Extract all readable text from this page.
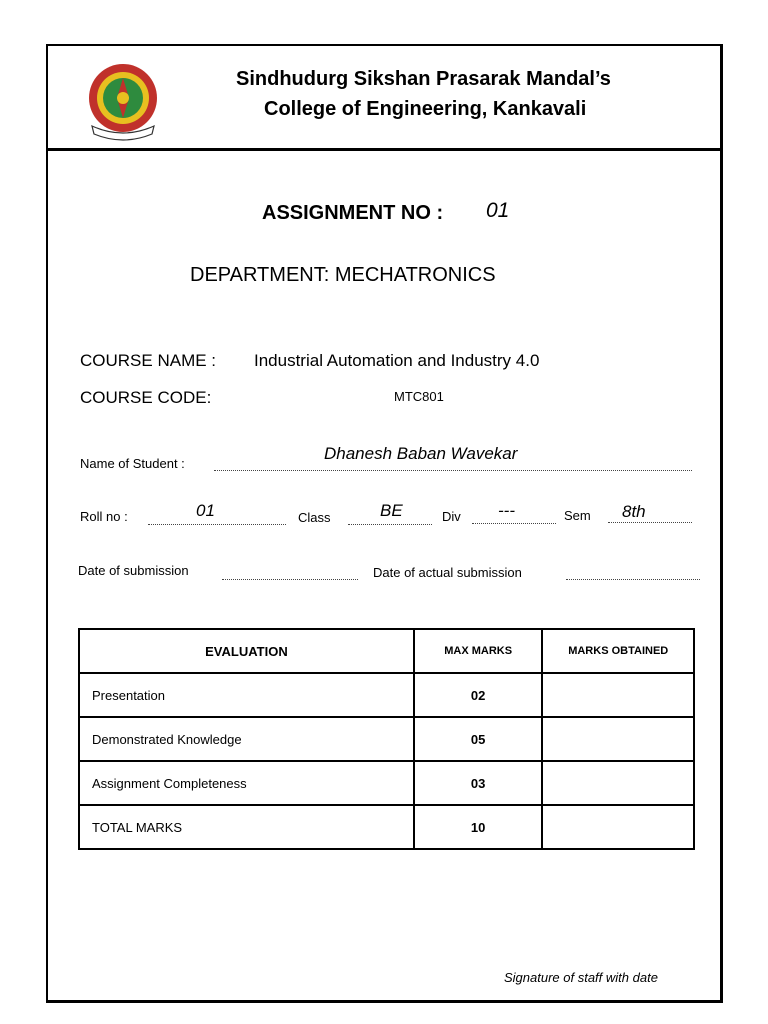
Sindhudurg Sikshan Prasarak Mandal’s
College of Engineering, Kankavali
ASSIGNMENT NO : 01
DEPARTMENT: MECHATRONICS
COURSE NAME : Industrial Automation and Industry 4.0
COURSE CODE:	MTC801
Name of Student :
Dhanesh Baban Wavekar
Roll no :	01	Class	BE	Div ---	Sem 8th
Date of submission	Date of actual submission
EVALUATION	MAX MARKS	MARKS OBTAINED
Presentation	02	
Demonstrated Knowledge	05	
Assignment Completeness	03	
TOTAL MARKS	10	
Signature of staff with date
